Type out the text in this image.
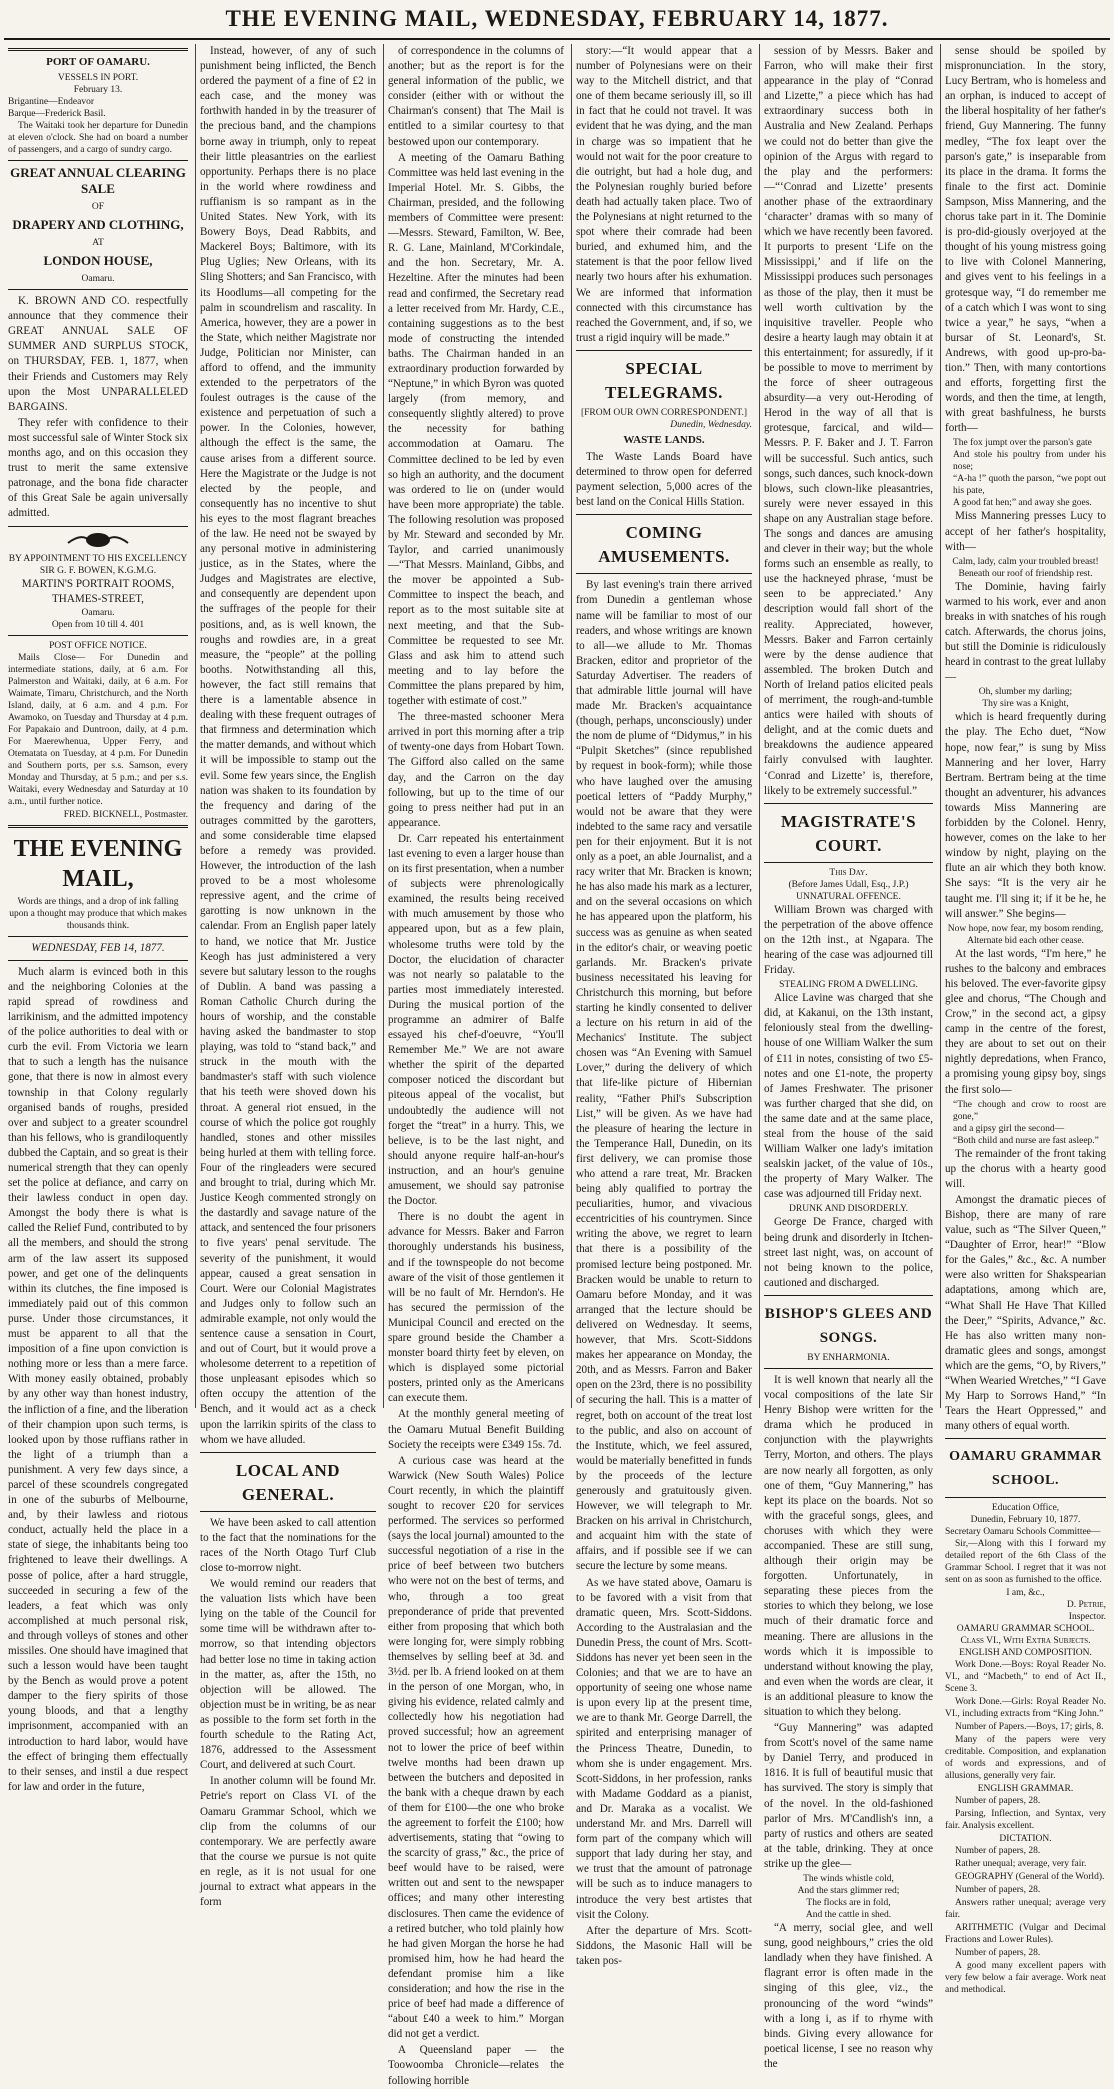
THE EVENING MAIL, WEDNESDAY, FEBRUARY 14, 1877.
PORT OF OAMARU.
VESSELS IN PORT.
February 13.
Brigantine—Endeavor
Barque—Frederick Basil.

The Waitaki took her departure for Dunedin at eleven o'clock. She had on board a number of passengers, and a cargo of sundry cargo.

GREAT ANNUAL CLEARING SALE
OF
DRAPERY AND CLOTHING,
AT
LONDON HOUSE,
Oamaru.

K. BROWN AND CO. respectfully announce that they commence their GREAT ANNUAL SALE OF SUMMER AND SURPLUS STOCK, on THURSDAY, FEB. 1, 1877, when their Friends and Customers may Rely upon the Most UNPARALLELED BARGAINS.

They refer with confidence to their most successful sale of Winter Stock six months ago, and on this occasion they trust to merit the same extensive patronage, and the bona fide character of this Great Sale be again universally admitted.

BY APPOINTMENT TO HIS EXCELLENCY
SIR G. F. BOWEN, K.G.M.G.
MARTIN'S PORTRAIT ROOMS,
THAMES-STREET,
Oamaru.
Open from 10 till 4. 401
POST OFFICE NOTICE.

Mails Close— For Dunedin and intermediate stations, daily, at 6 a.m. For Palmerston and Waitaki, daily, at 6 a.m. For Waimate, Timaru, Christchurch, and the North Island, daily, at 6 a.m. and 4 p.m. For Awamoko, on Tuesday and Thursday at 4 p.m. For Papakaio and Duntroon, daily, at 4 p.m. For Maerewhenua, Upper Ferry, and Otematata on Tuesday, at 4 p.m. For Dunedin and Southern ports, per s.s. Samson, every Monday and Thursday, at 5 p.m.; and per s.s. Waitaki, every Wednesday and Saturday at 10 a.m., until further notice.

FRED. BICKNELL, Postmaster.
THE EVENING MAIL,
Words are things, and a drop of ink falling upon a thought may produce that which makes thousands think.
WEDNESDAY, FEB 14, 1877.

Much alarm is evinced both in this and the neighboring Colonies at the rapid spread of rowdiness and larrikinism, and the admitted impotency of the police authorities to deal with or curb the evil. From Victoria we learn that to such a length has the nuisance gone, that there is now in almost every township in that Colony regularly organised bands of roughs, presided over and subject to a greater scoundrel than his fellows, who is grandiloquently dubbed the Captain, and so great is their numerical strength that they can openly set the police at defiance, and carry on their lawless conduct in open day. Amongst the body there is what is called the Relief Fund, contributed to by all the members, and should the strong arm of the law assert its supposed power, and get one of the delinquents within its clutches, the fine imposed is immediately paid out of this common purse. Under those circumstances, it must be apparent to all that the imposition of a fine upon conviction is nothing more or less than a mere farce. With money easily obtained, probably by any other way than honest industry, the infliction of a fine, and the liberation of their champion upon such terms, is looked upon by those ruffians rather in the light of a triumph than a punishment. A very few days since, a parcel of these scoundrels congregated in one of the suburbs of Melbourne, and, by their lawless and riotous conduct, actually held the place in a state of siege, the inhabitants being too frightened to leave their dwellings. A posse of police, after a hard struggle, succeeded in securing a few of the leaders, a feat which was only accomplished at much personal risk, and through volleys of stones and other missiles. One should have imagined that such a lesson would have been taught by the Bench as would prove a potent damper to the fiery spirits of those young bloods, and that a lengthy imprisonment, accompanied with an introduction to hard labor, would have the effect of bringing them effectually to their senses, and instil a due respect for law and order in the future,

Instead, however, of any of such punishment being inflicted, the Bench ordered the payment of a fine of £2 in each case, and the money was forthwith handed in by the treasurer of the precious band, and the champions borne away in triumph, only to repeat their little pleasantries on the earliest opportunity. Perhaps there is no place in the world where rowdiness and ruffianism is so rampant as in the United States. New York, with its Bowery Boys, Dead Rabbits, and Mackerel Boys; Baltimore, with its Plug Uglies; New Orleans, with its Sling Shotters; and San Francisco, with its Hoodlums—all competing for the palm in scoundrelism and rascality. In America, however, they are a power in the State, which neither Magistrate nor Judge, Politician nor Minister, can afford to offend, and the immunity extended to the perpetrators of the foulest outrages is the cause of the existence and perpetuation of such a power. In the Colonies, however, although the effect is the same, the cause arises from a different source. Here the Magistrate or the Judge is not elected by the people, and consequently has no incentive to shut his eyes to the most flagrant breaches of the law. He need not be swayed by any personal motive in administering justice, as in the States, where the Judges and Magistrates are elective, and consequently are dependent upon the suffrages of the people for their positions, and, as is well known, the roughs and rowdies are, in a great measure, the “people” at the polling booths. Notwithstanding all this, however, the fact still remains that there is a lamentable absence in dealing with these frequent outrages of that firmness and determination which the matter demands, and without which it will be impossible to stamp out the evil. Some few years since, the English nation was shaken to its foundation by the frequency and daring of the outrages committed by the garotters, and some considerable time elapsed before a remedy was provided. However, the introduction of the lash proved to be a most wholesome repressive agent, and the crime of garotting is now unknown in the calendar. From an English paper lately to hand, we notice that Mr. Justice Keogh has just administered a very severe but salutary lesson to the roughs of Dublin. A band was passing a Roman Catholic Church during the hours of worship, and the constable having asked the bandmaster to stop playing, was told to “stand back,” and struck in the mouth with the bandmaster's staff with such violence that his teeth were shoved down his throat. A general riot ensued, in the course of which the police got roughly handled, stones and other missiles being hurled at them with telling force. Four of the ringleaders were secured and brought to trial, during which Mr. Justice Keogh commented strongly on the dastardly and savage nature of the attack, and sentenced the four prisoners to five years' penal servitude. The severity of the punishment, it would appear, caused a great sensation in Court. Were our Colonial Magistrates and Judges only to follow such an admirable example, not only would the sentence cause a sensation in Court, and out of Court, but it would prove a wholesome deterrent to a repetition of those unpleasant episodes which so often occupy the attention of the Bench, and it would act as a check upon the larrikin spirits of the class to whom we have alluded.

LOCAL AND GENERAL.

We have been asked to call attention to the fact that the nominations for the races of the North Otago Turf Club close to-morrow night.

We would remind our readers that the valuation lists which have been lying on the table of the Council for some time will be withdrawn after to-morrow, so that intending objectors had better lose no time in taking action in the matter, as, after the 15th, no objection will be allowed. The objection must be in writing, be as near as possible to the form set forth in the fourth schedule to the Rating Act, 1876, addressed to the Assessment Court, and delivered at such Court.

In another column will be found Mr. Petrie's report on Class VI. of the Oamaru Grammar School, which we clip from the columns of our contemporary. We are perfectly aware that the course we pursue is not quite en regle, as it is not usual for one journal to extract what appears in the form

of correspondence in the columns of another; but as the report is for the general information of the public, we consider (either with or without the Chairman's consent) that The Mail is entitled to a similar courtesy to that bestowed upon our contemporary.

A meeting of the Oamaru Bathing Committee was held last evening in the Imperial Hotel. Mr. S. Gibbs, the Chairman, presided, and the following members of Committee were present:—Messrs. Steward, Familton, W. Bee, R. G. Lane, Mainland, M'Corkindale, and the hon. Secretary, Mr. A. Hezeltine. After the minutes had been read and confirmed, the Secretary read a letter received from Mr. Hardy, C.E., containing suggestions as to the best mode of constructing the intended baths. The Chairman handed in an extraordinary production forwarded by “Neptune,” in which Byron was quoted largely (from memory, and consequently slightly altered) to prove the necessity for bathing accommodation at Oamaru. The Committee declined to be led by even so high an authority, and the document was ordered to lie on (under would have been more appropriate) the table. The following resolution was proposed by Mr. Steward and seconded by Mr. Taylor, and carried unanimously—“That Messrs. Mainland, Gibbs, and the mover be appointed a Sub-Committee to inspect the beach, and report as to the most suitable site at next meeting, and that the Sub-Committee be requested to see Mr. Glass and ask him to attend such meeting and to lay before the Committee the plans prepared by him, together with estimate of cost.”

The three-masted schooner Mera arrived in port this morning after a trip of twenty-one days from Hobart Town. The Gifford also called on the same day, and the Carron on the day following, but up to the time of our going to press neither had put in an appearance.

Dr. Carr repeated his entertainment last evening to even a larger house than on its first presentation, when a number of subjects were phrenologically examined, the results being received with much amusement by those who appeared upon, but as a few plain, wholesome truths were told by the Doctor, the elucidation of character was not nearly so palatable to the parties most immediately interested. During the musical portion of the programme an admirer of Balfe essayed his chef-d'oeuvre, “You'll Remember Me.” We are not aware whether the spirit of the departed composer noticed the discordant but piteous appeal of the vocalist, but undoubtedly the audience will not forget the “treat” in a hurry. This, we believe, is to be the last night, and should anyone require half-an-hour's instruction, and an hour's genuine amusement, we should say patronise the Doctor.

There is no doubt the agent in advance for Messrs. Baker and Farron thoroughly understands his business, and if the townspeople do not become aware of the visit of those gentlemen it will be no fault of Mr. Herndon's. He has secured the permission of the Municipal Council and erected on the spare ground beside the Chamber a monster board thirty feet by eleven, on which is displayed some pictorial posters, printed only as the Americans can execute them.

At the monthly general meeting of the Oamaru Mutual Benefit Building Society the receipts were £349 15s. 7d.

A curious case was heard at the Warwick (New South Wales) Police Court recently, in which the plaintiff sought to recover £20 for services performed. The services so performed (says the local journal) amounted to the successful negotiation of a rise in the price of beef between two butchers who were not on the best of terms, and who, through a too great preponderance of pride that prevented either from proposing that which both were longing for, were simply robbing themselves by selling beef at 3d. and 3½d. per lb. A friend looked on at them in the person of one Morgan, who, in giving his evidence, related calmly and collectedly how his negotiation had proved successful; how an agreement not to lower the price of beef within twelve months had been drawn up between the butchers and deposited in the bank with a cheque drawn by each of them for £100—the one who broke the agreement to forfeit the £100; how advertisements, stating that “owing to the scarcity of grass,” &c., the price of beef would have to be raised, were written out and sent to the newspaper offices; and many other interesting disclosures. Then came the evidence of a retired butcher, who told plainly how he had given Morgan the horse he had promised him, how he had heard the defendant promise him a like consideration; and how the rise in the price of beef had made a difference of “about £40 a week to him.” Morgan did not get a verdict.

A Queensland paper — the Toowoomba Chronicle—relates the following horrible

story:—“It would appear that a number of Polynesians were on their way to the Mitchell district, and that one of them became seriously ill, so ill in fact that he could not travel. It was evident that he was dying, and the man in charge was so impatient that he would not wait for the poor creature to die outright, but had a hole dug, and the Polynesian roughly buried before death had actually taken place. Two of the Polynesians at night returned to the spot where their comrade had been buried, and exhumed him, and the statement is that the poor fellow lived nearly two hours after his exhumation. We are informed that information connected with this circumstance has reached the Government, and, if so, we trust a rigid inquiry will be made.”

SPECIAL TELEGRAMS.
[FROM OUR OWN CORRESPONDENT.]
Dunedin, Wednesday.
WASTE LANDS.

The Waste Lands Board have determined to throw open for deferred payment selection, 5,000 acres of the best land on the Conical Hills Station.

COMING AMUSEMENTS.

By last evening's train there arrived from Dunedin a gentleman whose name will be familiar to most of our readers, and whose writings are known to all—we allude to Mr. Thomas Bracken, editor and proprietor of the Saturday Advertiser. The readers of that admirable little journal will have made Mr. Bracken's acquaintance (though, perhaps, unconsciously) under the nom de plume of “Didymus,” in his “Pulpit Sketches” (since republished by request in book-form); while those who have laughed over the amusing poetical letters of “Paddy Murphy,” would not be aware that they were indebted to the same racy and versatile pen for their enjoyment. But it is not only as a poet, an able Journalist, and a racy writer that Mr. Bracken is known; he has also made his mark as a lecturer, and on the several occasions on which he has appeared upon the platform, his success was as genuine as when seated in the editor's chair, or weaving poetic garlands. Mr. Bracken's private business necessitated his leaving for Christchurch this morning, but before starting he kindly consented to deliver a lecture on his return in aid of the Mechanics' Institute. The subject chosen was “An Evening with Samuel Lover,” during the delivery of which that life-like picture of Hibernian reality, “Father Phil's Subscription List,” will be given. As we have had the pleasure of hearing the lecture in the Temperance Hall, Dunedin, on its first delivery, we can promise those who attend a rare treat, Mr. Bracken being ably qualified to portray the peculiarities, humor, and vivacious eccentricities of his countrymen. Since writing the above, we regret to learn that there is a possibility of the promised lecture being postponed. Mr. Bracken would be unable to return to Oamaru before Monday, and it was arranged that the lecture should be delivered on Wednesday. It seems, however, that Mrs. Scott-Siddons makes her appearance on Monday, the 20th, and as Messrs. Farron and Baker open on the 23rd, there is no possibility of securing the hall. This is a matter of regret, both on account of the treat lost to the public, and also on account of the Institute, which, we feel assured, would be materially benefitted in funds by the proceeds of the lecture generously and gratuitously given. However, we will telegraph to Mr. Bracken on his arrival in Christchurch, and acquaint him with the state of affairs, and if possible see if we can secure the lecture by some means.

As we have stated above, Oamaru is to be favored with a visit from that dramatic queen, Mrs. Scott-Siddons. According to the Australasian and the Dunedin Press, the count of Mrs. Scott-Siddons has never yet been seen in the Colonies; and that we are to have an opportunity of seeing one whose name is upon every lip at the present time, we are to thank Mr. George Darrell, the spirited and enterprising manager of the Princess Theatre, Dunedin, to whom she is under engagement. Mrs. Scott-Siddons, in her profession, ranks with Madame Goddard as a pianist, and Dr. Maraka as a vocalist. We understand Mr. and Mrs. Darrell will form part of the company which will support that lady during her stay, and we trust that the amount of patronage will be such as to induce managers to introduce the very best artistes that visit the Colony.

After the departure of Mrs. Scott-Siddons, the Masonic Hall will be taken pos-

session of by Messrs. Baker and Farron, who will make their first appearance in the play of “Conrad and Lizette,” a piece which has had extraordinary success both in Australia and New Zealand. Perhaps we could not do better than give the opinion of the Argus with regard to the play and the performers:—“‘Conrad and Lizette’ presents another phase of the extraordinary ‘character’ dramas with so many of which we have recently been favored. It purports to present ‘Life on the Mississippi,’ and if life on the Mississippi produces such personages as those of the play, then it must be well worth cultivation by the inquisitive traveller. People who desire a hearty laugh may obtain it at this entertainment; for assuredly, if it be possible to move to merriment by the force of sheer outrageous absurdity—a very out-Heroding of Herod in the way of all that is grotesque, farcical, and wild—Messrs. P. F. Baker and J. T. Farron will be successful. Such antics, such songs, such dances, such knock-down blows, such clown-like pleasantries, surely were never essayed in this shape on any Australian stage before. The songs and dances are amusing and clever in their way; but the whole forms such an ensemble as really, to use the hackneyed phrase, ‘must be seen to be appreciated.’ Any description would fall short of the reality. Appreciated, however, Messrs. Baker and Farron certainly were by the dense audience that assembled. The broken Dutch and North of Ireland patios elicited peals of merriment, the rough-and-tumble antics were hailed with shouts of delight, and at the comic duets and breakdowns the audience appeared fairly convulsed with laughter. ‘Conrad and Lizette’ is, therefore, likely to be extremely successful.”

MAGISTRATE'S COURT.
This Day.
(Before James Udall, Esq., J.P.)
UNNATURAL OFFENCE.

William Brown was charged with the perpetration of the above offence on the 12th inst., at Ngapara. The hearing of the case was adjourned till Friday.

STEALING FROM A DWELLING.

Alice Lavine was charged that she did, at Kakanui, on the 13th instant, feloniously steal from the dwelling-house of one William Walker the sum of £11 in notes, consisting of two £5-notes and one £1-note, the property of James Freshwater. The prisoner was further charged that she did, on the same date and at the same place, steal from the house of the said William Walker one lady's imitation sealskin jacket, of the value of 10s., the property of Mary Walker. The case was adjourned till Friday next.

DRUNK AND DISORDERLY.

George De France, charged with being drunk and disorderly in Itchen-street last night, was, on account of not being known to the police, cautioned and discharged.

BISHOP'S GLEES AND SONGS.
BY ENHARMONIA.

It is well known that nearly all the vocal compositions of the late Sir Henry Bishop were written for the drama which he produced in conjunction with the playwrights Terry, Morton, and others. The plays are now nearly all forgotten, as only one of them, “Guy Mannering,” has kept its place on the boards. Not so with the graceful songs, glees, and choruses with which they were accompanied. These are still sung, although their origin may be forgotten. Unfortunately, in separating these pieces from the stories to which they belong, we lose much of their dramatic force and meaning. There are allusions in the words which it is impossible to understand without knowing the play, and even when the words are clear, it is an additional pleasure to know the situation to which they belong.

“Guy Mannering” was adapted from Scott's novel of the same name by Daniel Terry, and produced in 1816. It is full of beautiful music that has survived. The story is simply that of the novel. In the old-fashioned parlor of Mrs. M'Candlish's inn, a party of rustics and others are seated at the table, drinking. They at once strike up the glee—

The winds whistle cold,
And the stars glimmer red;
The flocks are in fold,
And the cattle in shed.

“A merry, social glee, and well sung, good neighbours,” cries the old landlady when they have finished. A flagrant error is often made in the singing of this glee, viz., the pronouncing of the word “winds” with a long i, as if to rhyme with binds. Giving every allowance for poetical license, I see no reason why the

sense should be spoiled by mispronunciation. In the story, Lucy Bertram, who is homeless and an orphan, is induced to accept of the liberal hospitality of her father's friend, Guy Mannering. The funny medley, “The fox leapt over the parson's gate,” is inseparable from its place in the drama. It forms the finale to the first act. Dominie Sampson, Miss Mannering, and the chorus take part in it. The Dominie is pro-did-giously overjoyed at the thought of his young mistress going to live with Colonel Mannering, and gives vent to his feelings in a grotesque way, “I do remember me of a catch which I was wont to sing twice a year,” he says, “when a bursar of St. Leonard's, St. Andrews, with good up-pro-ba-tion.” Then, with many contortions and efforts, forgetting first the words, and then the time, at length, with great bashfulness, he bursts forth—

The fox jumpt over the parson's gate
And stole his poultry from under his nose;
“A-ha !” quoth the parson, “we popt out his pate,
A good fat hen;” and away she goes.

Miss Mannering presses Lucy to accept of her father's hospitality, with—

Calm, lady, calm your troubled breast!
Beneath our roof of friendship rest.

The Dominie, having fairly warmed to his work, ever and anon breaks in with snatches of his rough catch. Afterwards, the chorus joins, but still the Dominie is ridiculously heard in contrast to the great lullaby—

Oh, slumber my darling;
Thy sire was a Knight,

which is heard frequently during the play. The Echo duet, “Now hope, now fear,” is sung by Miss Mannering and her lover, Harry Bertram. Bertram being at the time thought an adventurer, his advances towards Miss Mannering are forbidden by the Colonel. Henry, however, comes on the lake to her window by night, playing on the flute an air which they both know. She says: “It is the very air he taught me. I'll sing it; if it be he, he will answer.” She begins—

Now hope, now fear, my bosom rending,
Alternate bid each other cease.

At the last words, “I'm here,” he rushes to the balcony and embraces his beloved. The ever-favorite gipsy glee and chorus, “The Chough and Crow,” in the second act, a gipsy camp in the centre of the forest, they are about to set out on their nightly depredations, when Franco, a promising young gipsy boy, sings the first solo—

“The chough and crow to roost are gone,”
and a gipsy girl the second—
“Both child and nurse are fast asleep.”

The remainder of the front taking up the chorus with a hearty good will.

Amongst the dramatic pieces of Bishop, there are many of rare value, such as “The Silver Queen,” “Daughter of Error, hear!” “Blow for the Gales,” &c., &c. A number were also written for Shakspearian adaptations, among which are, “What Shall He Have That Killed the Deer,” “Spirits, Advance,” &c. He has also written many non-dramatic glees and songs, amongst which are the gems, “O, by Rivers,” “When Wearied Wretches,” “I Gave My Harp to Sorrows Hand,” “In Tears the Heart Oppressed,” and many others of equal worth.

OAMARU GRAMMAR SCHOOL.
Education Office,
Dunedin, February 10, 1877.
Secretary Oamaru Schools Committee—

Sir,—Along with this I forward my detailed report of the 6th Class of the Grammar School. I regret that it was not sent on as soon as furnished to the office.

I am, &c.,
D. Petrie,
Inspector.
OAMARU GRAMMAR SCHOOL.
Class VI., With Extra Subjects.
ENGLISH AND COMPOSITION.

Work Done.—Boys: Royal Reader No. VI., and “Macbeth,” to end of Act II., Scene 3.

Work Done.—Girls: Royal Reader No. VI., including extracts from “King John.”

Number of Papers.—Boys, 17; girls, 8.

Many of the papers were very creditable. Composition, and explanation of words and expressions, and of allusions, generally very fair.

ENGLISH GRAMMAR.

Number of papers, 28.

Parsing, Inflection, and Syntax, very fair. Analysis excellent.

DICTATION.

Number of papers, 28.

Rather unequal; average, very fair.

GEOGRAPHY (General of the World).

Number of papers, 28.

Answers rather unequal; average very fair.

ARITHMETIC (Vulgar and Decimal Fractions and Lower Rules).

Number of papers, 28.

A good many excellent papers with very few below a fair average. Work neat and methodical.
